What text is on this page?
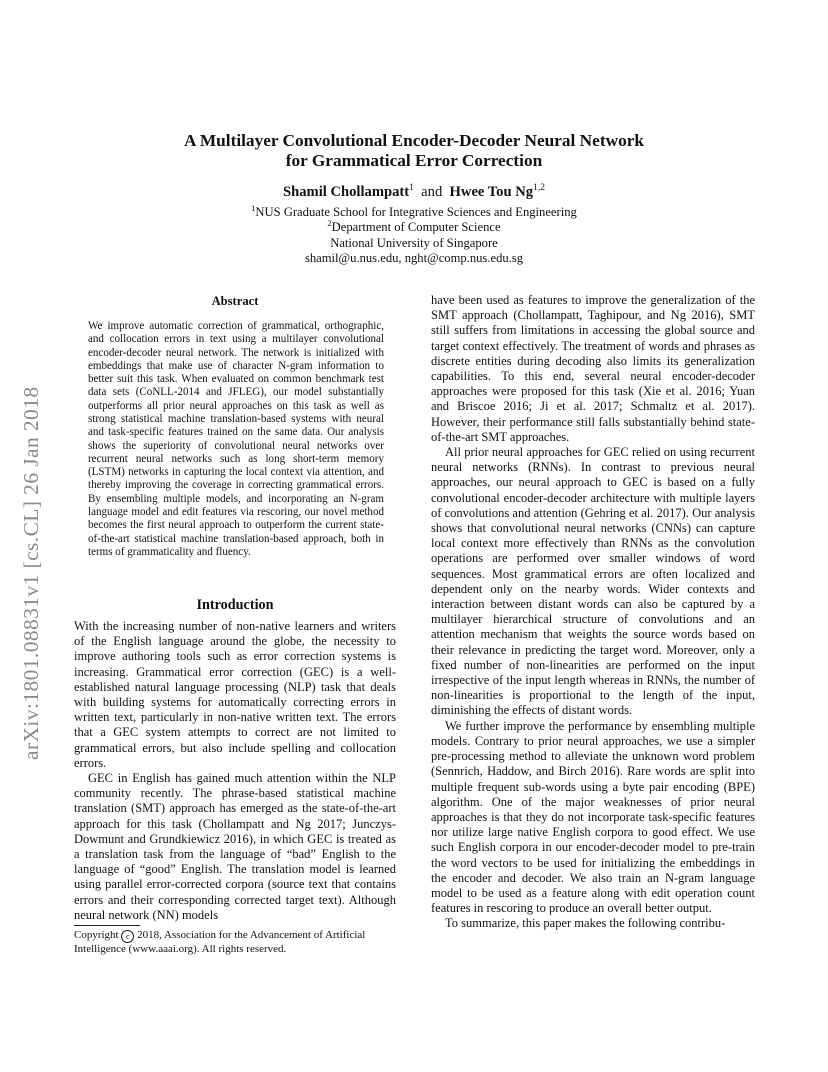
arXiv:1801.08831v1 [cs.CL] 26 Jan 2018
A Multilayer Convolutional Encoder-Decoder Neural Network
for Grammatical Error Correction
Shamil Chollampatt$^1$ and Hwee Tou Ng$^{1,2}$
$^1$NUS Graduate School for Integrative Sciences and Engineering
$^2$Department of Computer Science
National University of Singapore
shamil@u.nus.edu, nght@comp.nus.edu.sg
Abstract
We improve automatic correction of grammatical, orthographic, and collocation errors in text using a multilayer convolutional encoder-decoder neural network. The network is initialized with embeddings that make use of character N-gram information to better suit this task. When evaluated on common benchmark test data sets (CoNLL-2014 and JFLEG), our model substantially outperforms all prior neural approaches on this task as well as strong statistical machine translation-based systems with neural and task-specific features trained on the same data. Our analysis shows the superiority of convolutional neural networks over recurrent neural networks such as long short-term memory (LSTM) networks in capturing the local context via attention, and thereby improving the coverage in correcting grammatical errors. By ensembling multiple models, and incorporating an N-gram language model and edit features via rescoring, our novel method becomes the first neural approach to outperform the current state-of-the-art statistical machine translation-based approach, both in terms of grammaticality and fluency.
Introduction

With the increasing number of non-native learners and writers of the English language around the globe, the necessity to improve authoring tools such as error correction systems is increasing. Grammatical error correction (GEC) is a well-established natural language processing (NLP) task that deals with building systems for automatically correcting errors in written text, particularly in non-native written text. The errors that a GEC system attempts to correct are not limited to grammatical errors, but also include spelling and collocation errors.

GEC in English has gained much attention within the NLP community recently. The phrase-based statistical machine translation (SMT) approach has emerged as the state-of-the-art approach for this task (Chollampatt and Ng 2017; Junczys-Dowmunt and Grundkiewicz 2016), in which GEC is treated as a translation task from the language of “bad” English to the language of “good” English. The translation model is learned using parallel error-corrected corpora (source text that contains errors and their corresponding corrected target text). Although neural network (NN) models

Copyright c 2018, Association for the Advancement of Artificial Intelligence (www.aaai.org). All rights reserved.

have been used as features to improve the generalization of the SMT approach (Chollampatt, Taghipour, and Ng 2016), SMT still suffers from limitations in accessing the global source and target context effectively. The treatment of words and phrases as discrete entities during decoding also limits its generalization capabilities. To this end, several neural encoder-decoder approaches were proposed for this task (Xie et al. 2016; Yuan and Briscoe 2016; Ji et al. 2017; Schmaltz et al. 2017). However, their performance still falls substantially behind state-of-the-art SMT approaches.

All prior neural approaches for GEC relied on using recurrent neural networks (RNNs). In contrast to previous neural approaches, our neural approach to GEC is based on a fully convolutional encoder-decoder architecture with multiple layers of convolutions and attention (Gehring et al. 2017). Our analysis shows that convolutional neural networks (CNNs) can capture local context more effectively than RNNs as the convolution operations are performed over smaller windows of word sequences. Most grammatical errors are often localized and dependent only on the nearby words. Wider contexts and interaction between distant words can also be captured by a multilayer hierarchical structure of convolutions and an attention mechanism that weights the source words based on their relevance in predicting the target word. Moreover, only a fixed number of non-linearities are performed on the input irrespective of the input length whereas in RNNs, the number of non-linearities is proportional to the length of the input, diminishing the effects of distant words.

We further improve the performance by ensembling multiple models. Contrary to prior neural approaches, we use a simpler pre-processing method to alleviate the unknown word problem (Sennrich, Haddow, and Birch 2016). Rare words are split into multiple frequent sub-words using a byte pair encoding (BPE) algorithm. One of the major weaknesses of prior neural approaches is that they do not incorporate task-specific features nor utilize large native English corpora to good effect. We use such English corpora in our encoder-decoder model to pre-train the word vectors to be used for initializing the embeddings in the encoder and decoder. We also train an N-gram language model to be used as a feature along with edit operation count features in rescoring to produce an overall better output.

To summarize, this paper makes the following contribu-
